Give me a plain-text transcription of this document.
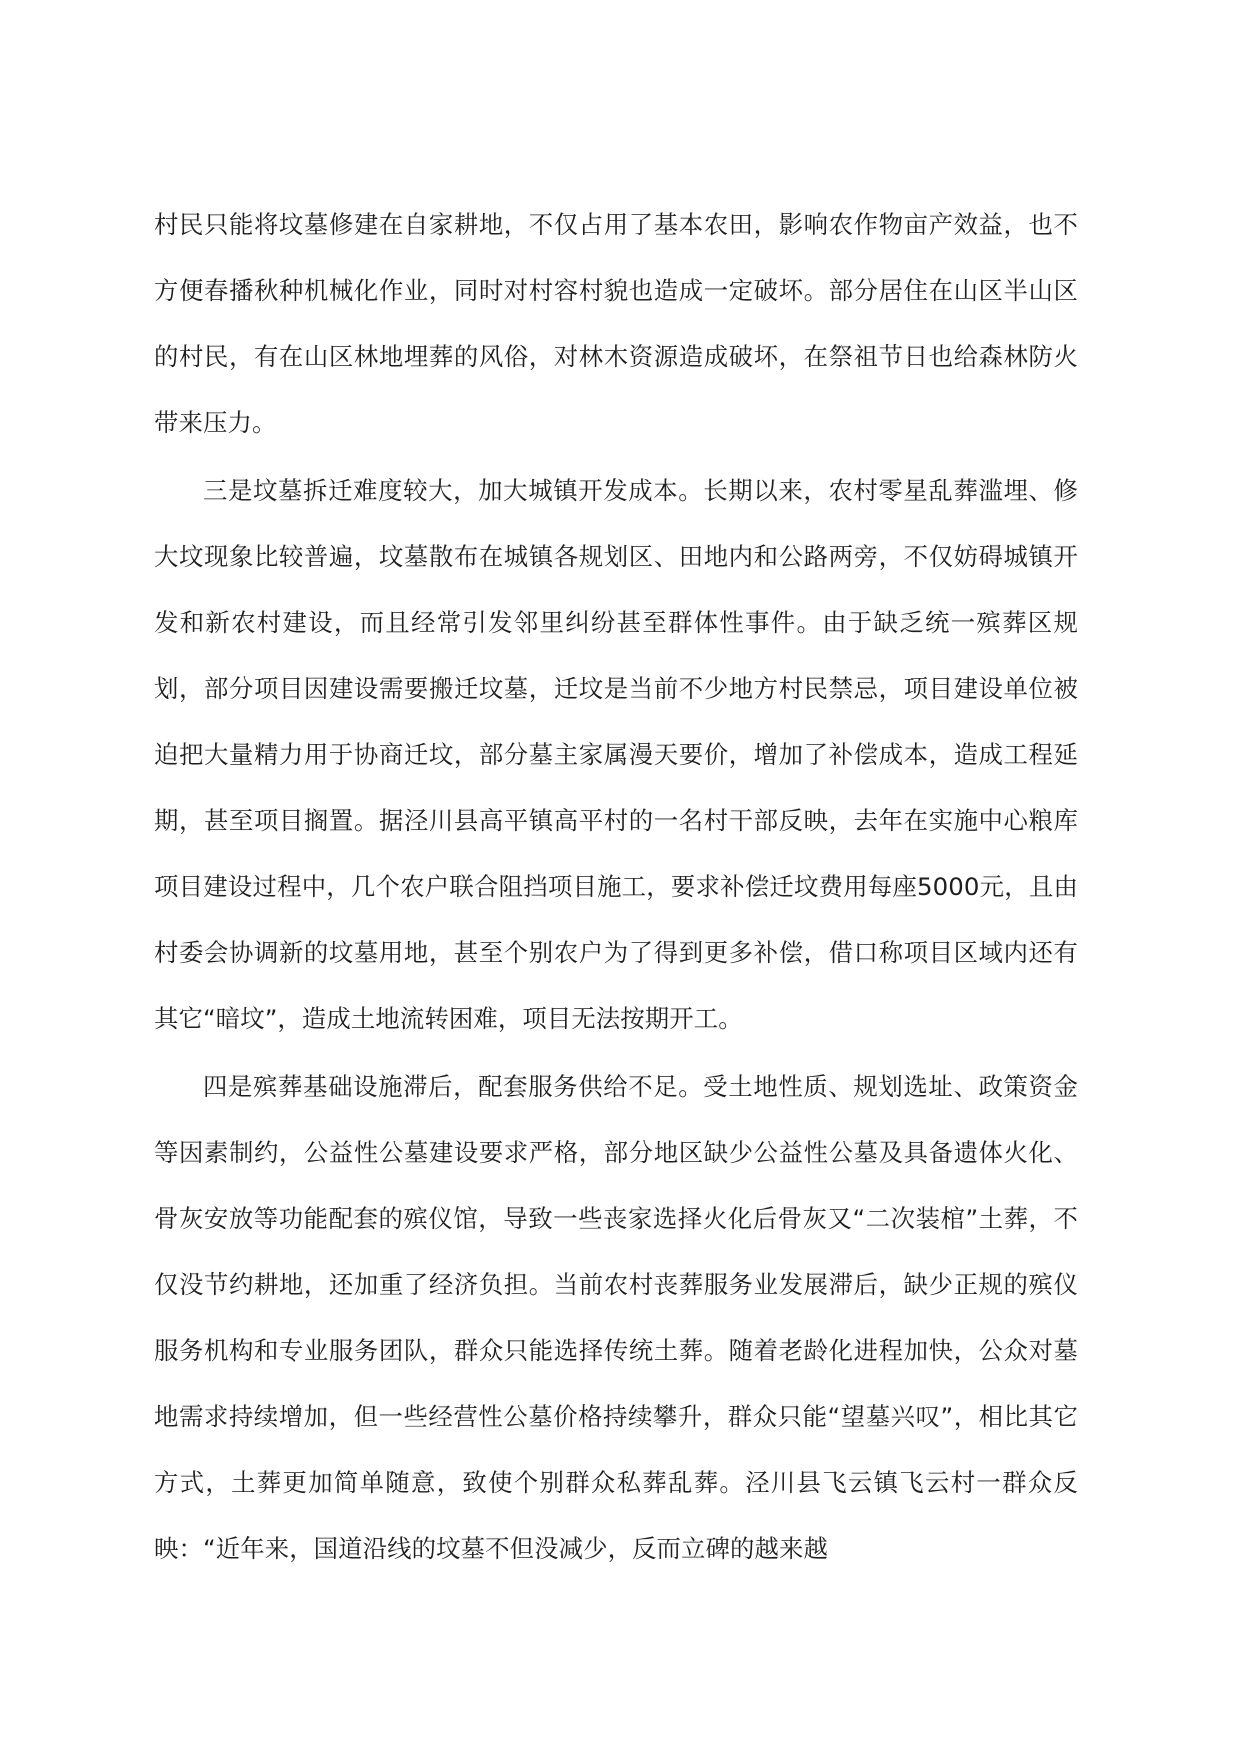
村民只能将坟墓修建在自家耕地，不仅占用了基本农田，影响农作物亩产效益，也不方便春播秋种机械化作业，同时对村容村貌也造成一定破坏。部分居住在山区半山区的村民，有在山区林地埋葬的风俗，对林木资源造成破坏，在祭祖节日也给森林防火带来压力。

三是坟墓拆迁难度较大，加大城镇开发成本。长期以来，农村零星乱葬滥埋、修大坟现象比较普遍，坟墓散布在城镇各规划区、田地内和公路两旁，不仅妨碍城镇开发和新农村建设，而且经常引发邻里纠纷甚至群体性事件。由于缺乏统一殡葬区规划，部分项目因建设需要搬迁坟墓，迁坟是当前不少地方村民禁忌，项目建设单位被迫把大量精力用于协商迁坟，部分墓主家属漫天要价，增加了补偿成本，造成工程延期，甚至项目搁置。据泾川县高平镇高平村的一名村干部反映，去年在实施中心粮库项目建设过程中，几个农户联合阻挡项目施工，要求补偿迁坟费用每座5000元，且由村委会协调新的坟墓用地，甚至个别农户为了得到更多补偿，借口称项目区域内还有其它“暗坟”，造成土地流转困难，项目无法按期开工。

四是殡葬基础设施滞后，配套服务供给不足。受土地性质、规划选址、政策资金等因素制约，公益性公墓建设要求严格，部分地区缺少公益性公墓及具备遗体火化、骨灰安放等功能配套的殡仪馆，导致一些丧家选择火化后骨灰又“二次装棺”土葬，不仅没节约耕地，还加重了经济负担。当前农村丧葬服务业发展滞后，缺少正规的殡仪服务机构和专业服务团队，群众只能选择传统土葬。随着老龄化进程加快，公众对墓地需求持续增加，但一些经营性公墓价格持续攀升，群众只能“望墓兴叹”，相比其它方式，土葬更加简单随意，致使个别群众私葬乱葬。泾川县飞云镇飞云村一群众反映：“近年来，国道沿线的坟墓不但没减少，反而立碑的越来越
